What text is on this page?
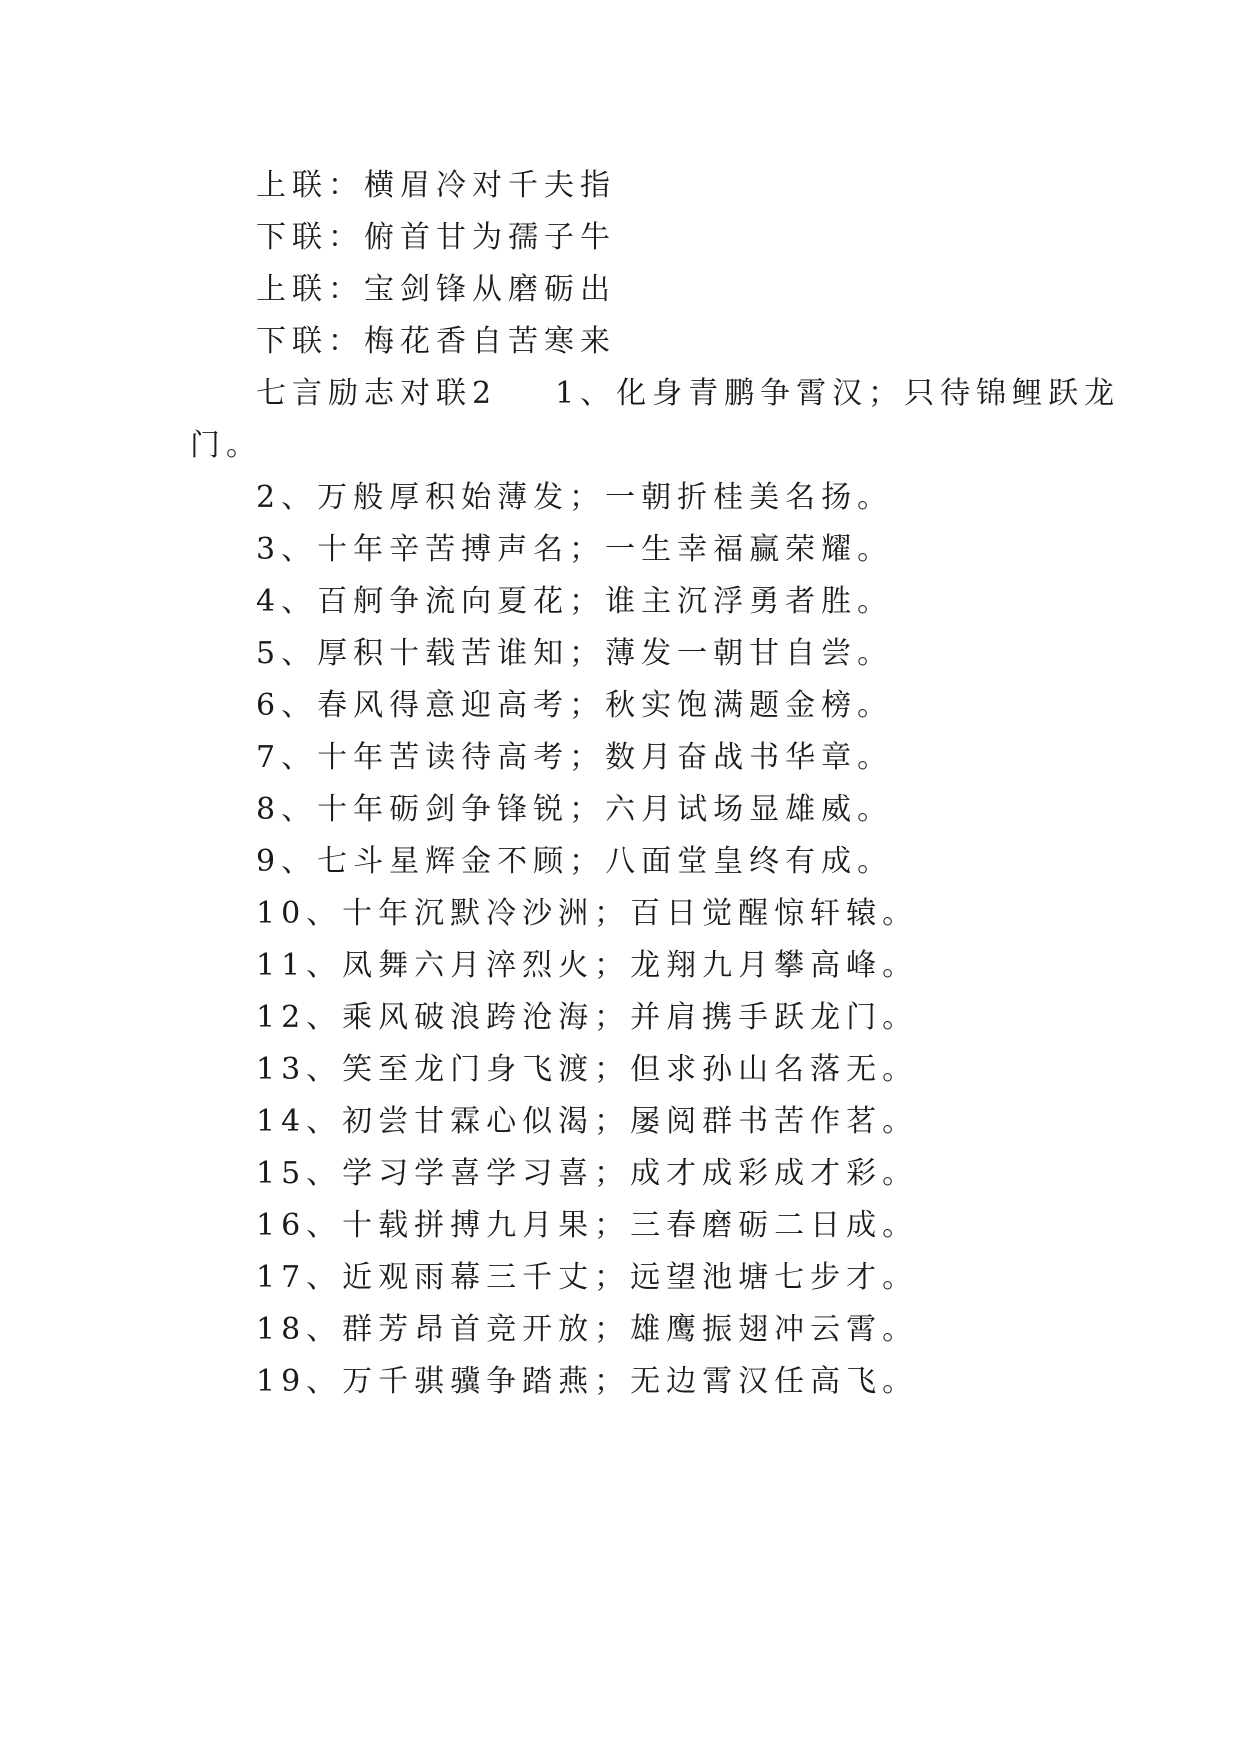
上联：横眉冷对千夫指
下联：俯首甘为孺子牛
上联：宝剑锋从磨砺出
下联：梅花香自苦寒来
七言励志对联2 1、化身青鹏争霄汉；只待锦鲤跃龙
门。
2、万般厚积始薄发；一朝折桂美名扬。
3、十年辛苦搏声名；一生幸福赢荣耀。
4、百舸争流向夏花；谁主沉浮勇者胜。
5、厚积十载苦谁知；薄发一朝甘自尝。
6、春风得意迎高考；秋实饱满题金榜。
7、十年苦读待高考；数月奋战书华章。
8、十年砺剑争锋锐；六月试场显雄威。
9、七斗星辉金不顾；八面堂皇终有成。
10、十年沉默冷沙洲；百日觉醒惊轩辕。
11、凤舞六月淬烈火；龙翔九月攀高峰。
12、乘风破浪跨沧海；并肩携手跃龙门。
13、笑至龙门身飞渡；但求孙山名落无。
14、初尝甘霖心似渴；屡阅群书苦作茗。
15、学习学喜学习喜；成才成彩成才彩。
16、十载拼搏九月果；三春磨砺二日成。
17、近观雨幕三千丈；远望池塘七步才。
18、群芳昂首竞开放；雄鹰振翅冲云霄。
19、万千骐骥争踏燕；无边霄汉任高飞。
